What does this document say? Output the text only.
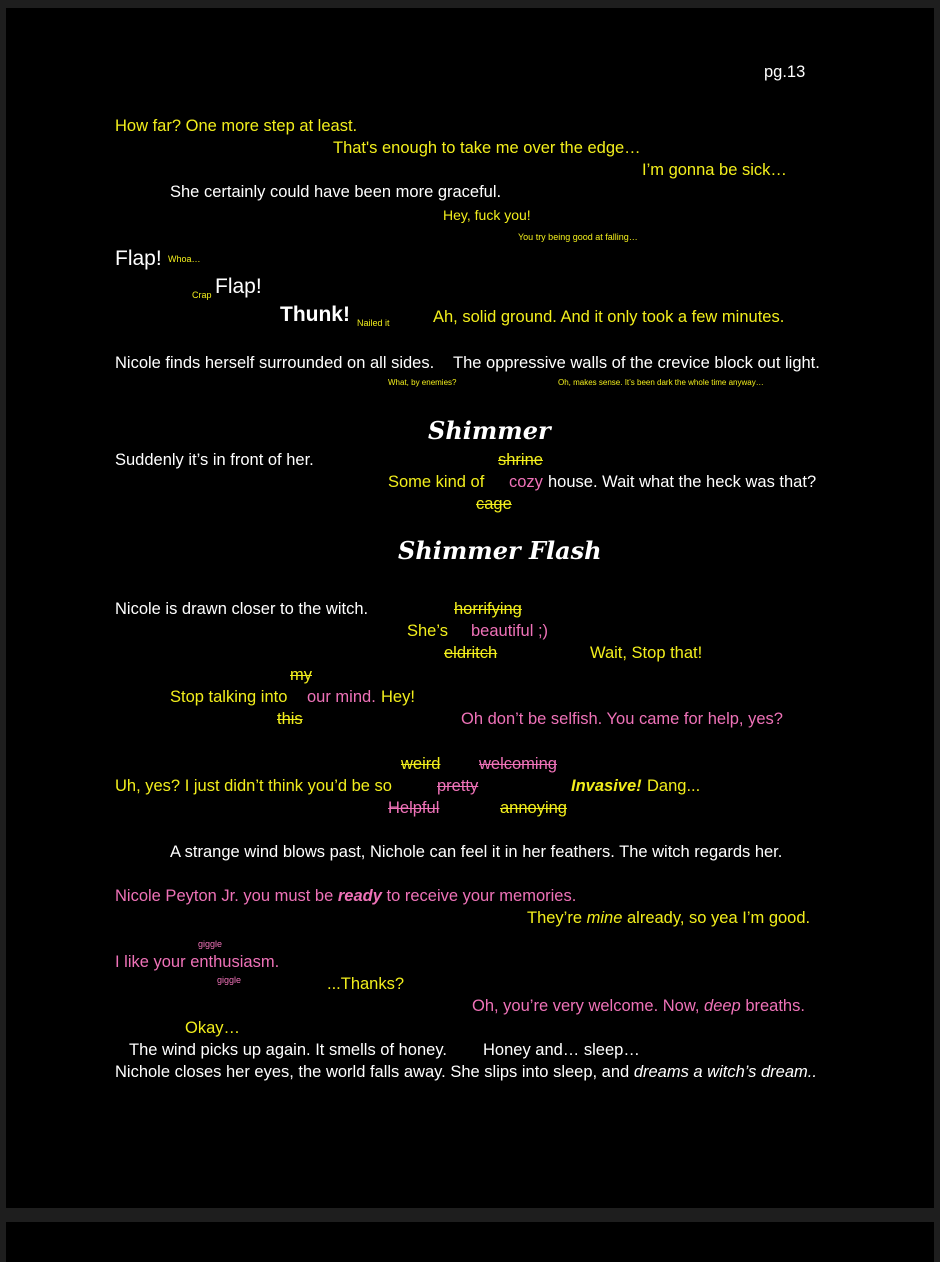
pg.13
How far? One more step at least.
That's enough to take me over the edge…
I’m gonna be sick…
She certainly could have been more graceful.
Hey, fuck you!
You try being good at falling…
Flap! Whoa…
Crap Flap!
Thunk! Nailed it	Ah, solid ground. And it only took a few minutes.
Nicole finds herself surrounded on all sides. The oppressive walls of the crevice block out light.
What, by enemies?	Oh, makes sense. It’s been dark the whole time anyway…
Shimmer
Suddenly it’s in front of her.	shrine
Some kind of cozy house. Wait what the heck was that?
cage
Shimmer Flash
Nicole is drawn closer to the witch.	horrifying
She’s beautiful ;)
eldritch	Wait, Stop that!
my
Stop talking into our mind. Hey!
this	Oh don’t be selfish. You came for help, yes?
weird welcoming
Uh, yes? I just didn’t think you’d be so	pretty	Invasive! Dang...
Helpful	annoying
A strange wind blows past, Nichole can feel it in her feathers. The witch regards her.
Nicole Peyton Jr. you must be ready to receive your memories.
They’re mine already, so yea I’m good.
giggle
I like your enthusiasm.
giggle	...Thanks?
Oh, you’re very welcome. Now, deep breaths.
Okay…
The wind picks up again. It smells of honey. Honey and… sleep…
Nichole closes her eyes, the world falls away. She slips into sleep, and dreams a witch’s dream..
